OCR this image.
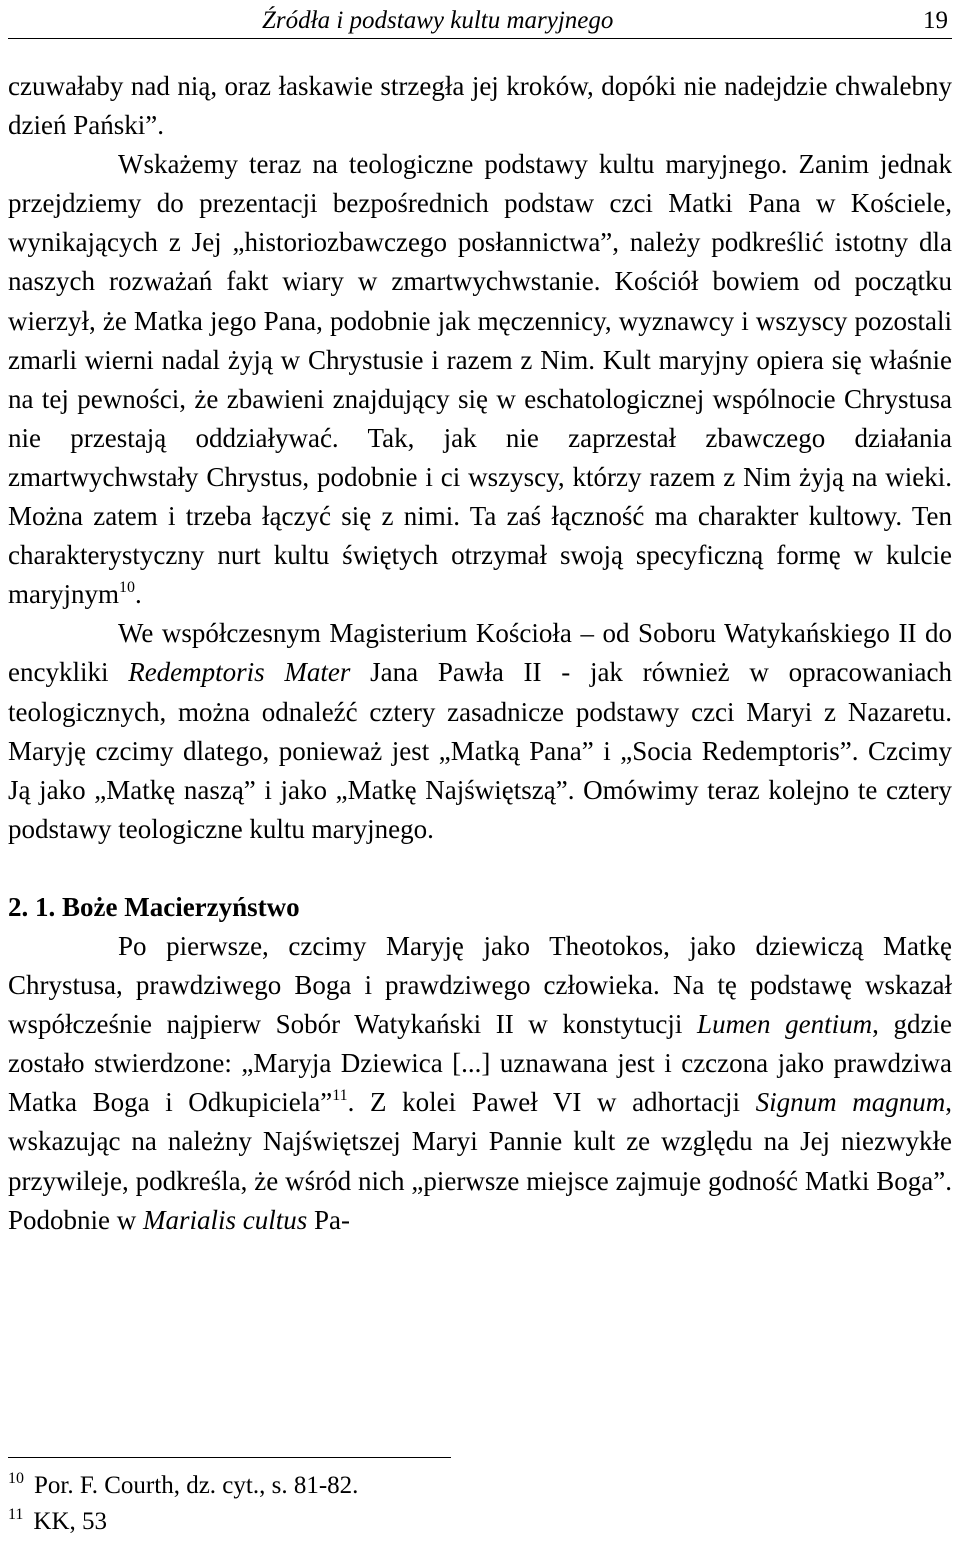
Źródła i podstawy kultu maryjnego	19

czuwałaby nad nią, oraz łaskawie strzegła jej kroków, dopóki nie nadejdzie chwalebny dzień Pański”.

Wskażemy teraz na teologiczne podstawy kultu maryjnego. Zanim jednak przejdziemy do prezentacji bezpośrednich podstaw czci Matki Pana w Kościele, wynikających z Jej „historiozbawczego posłannictwa”, należy podkreślić istotny dla naszych rozważań fakt wiary w zmartwychwstanie. Kościół bowiem od początku wierzył, że Matka jego Pana, podobnie jak męczennicy, wyznawcy i wszyscy pozostali zmarli wierni nadal żyją w Chrystusie i razem z Nim. Kult maryjny opiera się właśnie na tej pewności, że zbawieni znajdujący się w eschatologicznej wspólnocie Chrystusa nie przestają oddziaływać. Tak, jak nie zaprzestał zbawczego działania zmartwychwstały Chrystus, podobnie i ci wszyscy, którzy razem z Nim żyją na wieki. Można zatem i trzeba łączyć się z nimi. Ta zaś łączność ma charakter kultowy. Ten charakterystyczny nurt kultu świętych otrzymał swoją specyficzną formę w kulcie maryjnym$^{10}$.

We współczesnym Magisterium Kościoła – od Soboru Watykańskiego II do encykliki Redemptoris Mater Jana Pawła II - jak również w opracowaniach teologicznych, można odnaleźć cztery zasadnicze podstawy czci Maryi z Nazaretu. Maryję czcimy dlatego, ponieważ jest „Matką Pana” i „Socia Redemptoris”. Czcimy Ją jako „Matkę naszą” i jako „Matkę Najświętszą”. Omówimy teraz kolejno te cztery podstawy teologiczne kultu maryjnego.

2. 1. Boże Macierzyństwo

Po pierwsze, czcimy Maryję jako Theotokos, jako dziewiczą Matkę Chrystusa, prawdziwego Boga i prawdziwego człowieka. Na tę podstawę wskazał współcześnie najpierw Sobór Watykański II w konstytucji Lumen gentium, gdzie zostało stwierdzone: „Maryja Dziewica [...] uznawana jest i czczona jako prawdziwa Matka Boga i Odkupiciela”$^{11}$. Z kolei Paweł VI w adhortacji Signum magnum, wskazując na należny Najświętszej Maryi Pannie kult ze względu na Jej niezwykłe przywileje, podkreśla, że wśród nich „pierwsze miejsce zajmuje godność Matki Boga”. Podobnie w Marialis cultus Pa-

$^{10}$ Por. F. Courth, dz. cyt., s. 81-82.

$^{11}$ KK, 53
